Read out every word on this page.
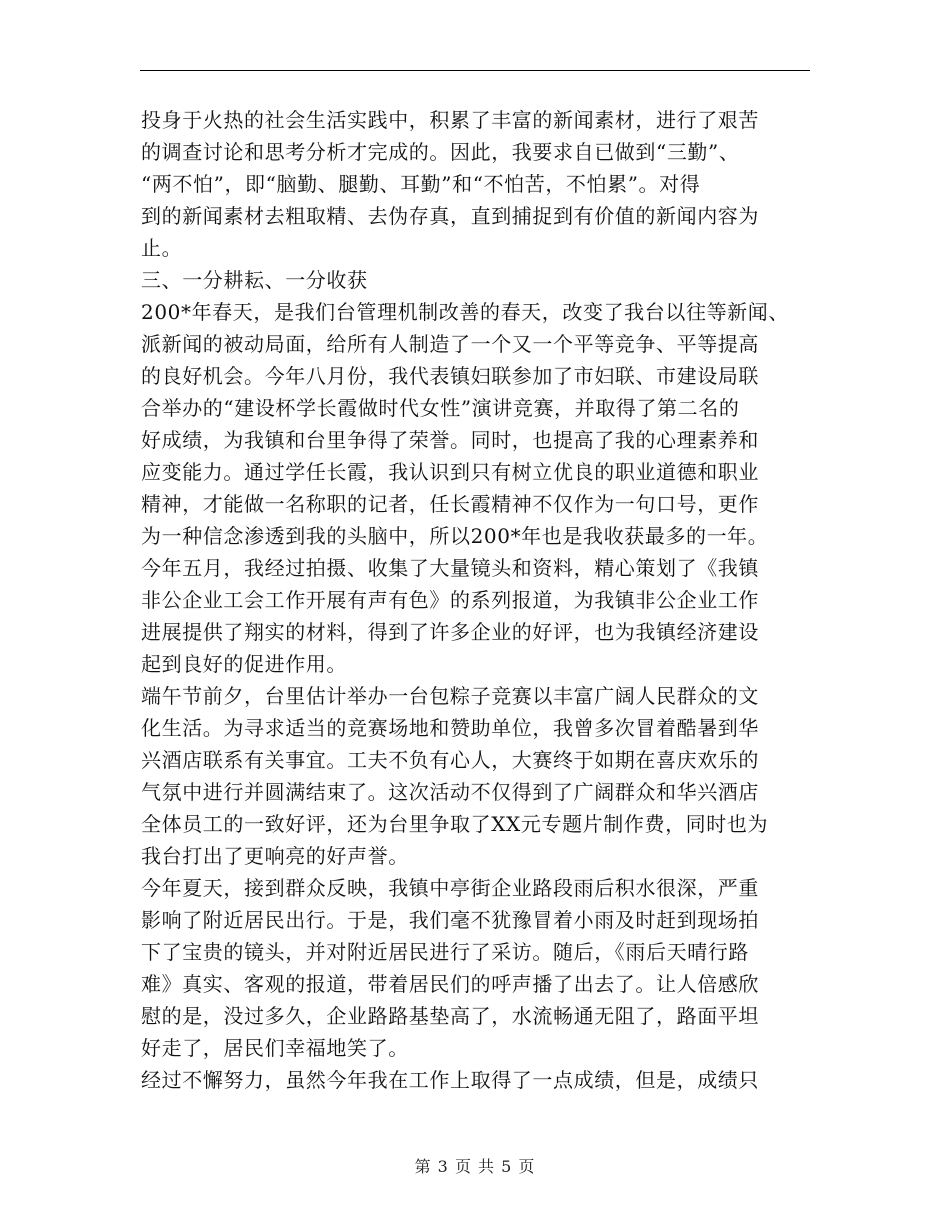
投身于火热的社会生活实践中，积累了丰富的新闻素材，进行了艰苦
的调查讨论和思考分析才完成的。因此，我要求自已做到“三勤”、
“两不怕”，即“脑勤、腿勤、耳勤”和“不怕苦，不怕累”。对得
到的新闻素材去粗取精、去伪存真，直到捕捉到有价值的新闻内容为
止。
三、一分耕耘、一分收获
200*年春天，是我们台管理机制改善的春天，改变了我台以往等新闻、
派新闻的被动局面，给所有人制造了一个又一个平等竞争、平等提高
的良好机会。今年八月份，我代表镇妇联参加了市妇联、市建设局联
合举办的“建设杯学长霞做时代女性”演讲竞赛，并取得了第二名的
好成绩，为我镇和台里争得了荣誉。同时，也提高了我的心理素养和
应变能力。通过学任长霞，我认识到只有树立优良的职业道德和职业
精神，才能做一名称职的记者，任长霞精神不仅作为一句口号，更作
为一种信念渗透到我的头脑中，所以200*年也是我收获最多的一年。
今年五月，我经过拍摄、收集了大量镜头和资料，精心策划了《我镇
非公企业工会工作开展有声有色》的系列报道，为我镇非公企业工作
进展提供了翔实的材料，得到了许多企业的好评，也为我镇经济建设
起到良好的促进作用。
端午节前夕，台里估计举办一台包粽子竞赛以丰富广阔人民群众的文
化生活。为寻求适当的竞赛场地和赞助单位，我曾多次冒着酷暑到华
兴酒店联系有关事宜。工夫不负有心人，大赛终于如期在喜庆欢乐的
气氛中进行并圆满结束了。这次活动不仅得到了广阔群众和华兴酒店
全体员工的一致好评，还为台里争取了XX元专题片制作费，同时也为
我台打出了更响亮的好声誉。
今年夏天，接到群众反映，我镇中亭街企业路段雨后积水很深，严重
影响了附近居民出行。于是，我们毫不犹豫冒着小雨及时赶到现场拍
下了宝贵的镜头，并对附近居民进行了采访。随后，《雨后天晴行路
难》真实、客观的报道，带着居民们的呼声播了出去了。让人倍感欣
慰的是，没过多久，企业路路基垫高了，水流畅通无阻了，路面平坦
好走了，居民们幸福地笑了。
经过不懈努力，虽然今年我在工作上取得了一点成绩，但是，成绩只
第 3 页 共 5 页
